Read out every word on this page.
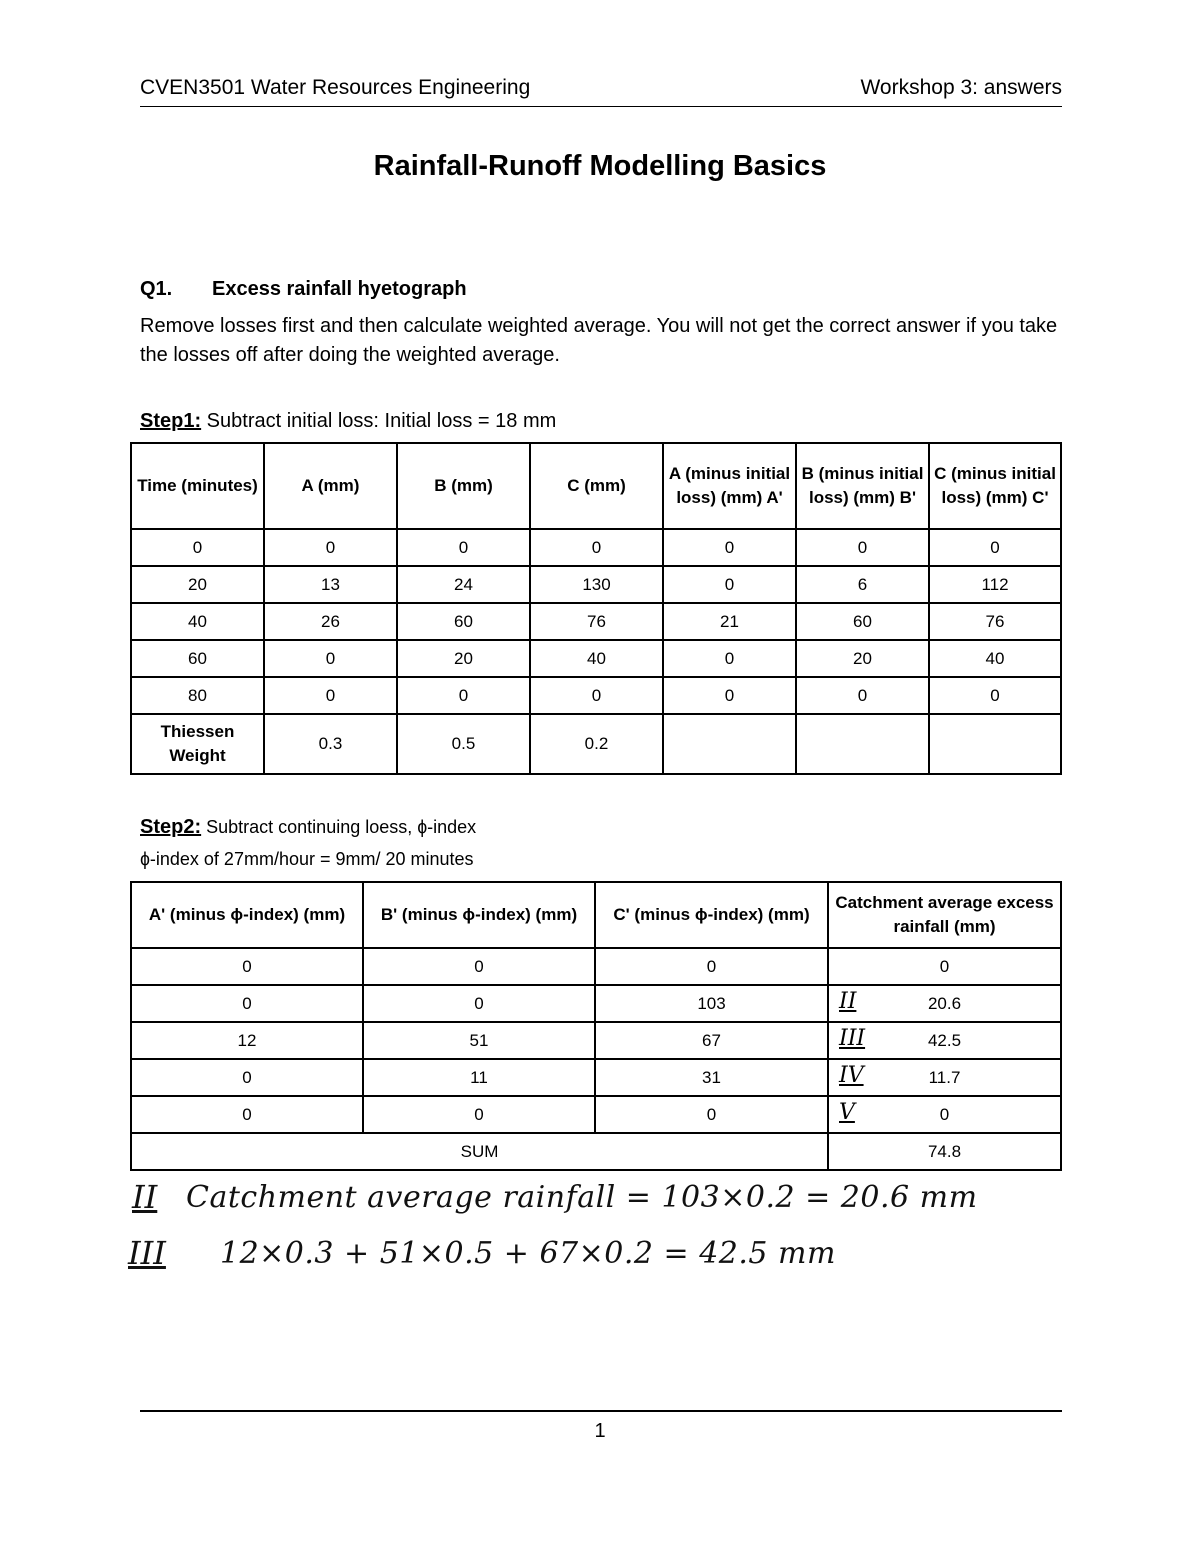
CVEN3501 Water Resources Engineering	Workshop 3: answers
Rainfall-Runoff Modelling Basics
Q1. Excess rainfall hyetograph
Remove losses first and then calculate weighted average. You will not get the correct answer if you take the losses off after doing the weighted average.
Step1: Subtract initial loss: Initial loss = 18 mm
Time (minutes)	A (mm)	B (mm)	C (mm)	A (minus initial loss) (mm) A'	B (minus initial loss) (mm) B'	C (minus initial loss) (mm) C'
0	0	0	0	0	0	0
20	13	24	130	0	6	112
40	26	60	76	21	60	76
60	0	20	40	0	20	40
80	0	0	0	0	0	0
Thiessen Weight	0.3	0.5	0.2			
Step2: Subtract continuing loess, ɸ-index
ɸ-index of 27mm/hour = 9mm/ 20 minutes
A' (minus ɸ-index) (mm)	B' (minus ɸ-index) (mm)	C' (minus ɸ-index) (mm)	Catchment average excess rainfall (mm)
0	0	0	0
0	0	103	II 20.6
12	51	67	III 42.5
0	11	31	IV 11.7
0	0	0	V 0
SUM			74.8
II Catchment average rainfall = 103×0.2 = 20.6 mm
III 12×0.3 + 51×0.5 + 67×0.2 = 42.5 mm
1
